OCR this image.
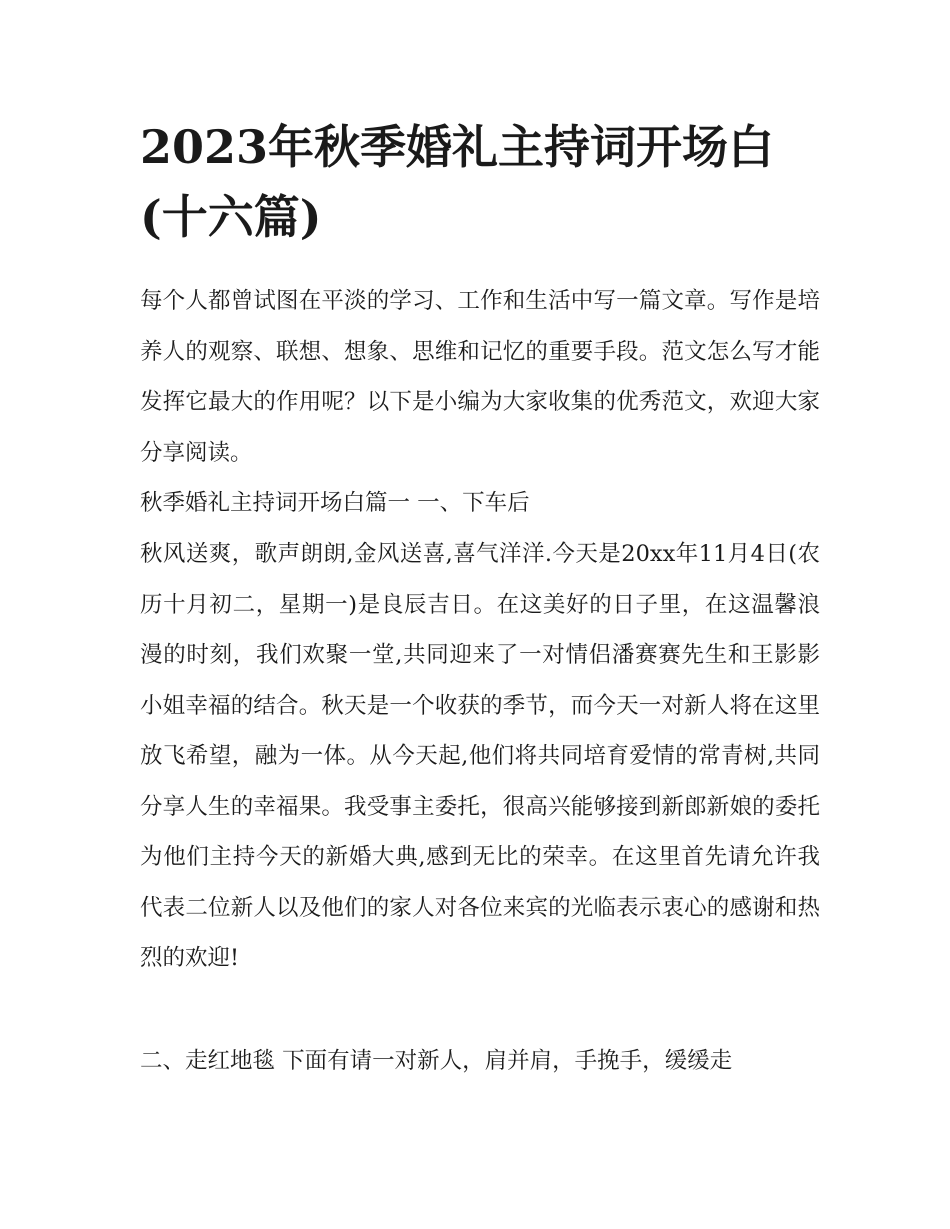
2023年秋季婚礼主持词开场白(十六篇)

每个人都曾试图在平淡的学习、工作和生活中写一篇文章。写作是培养人的观察、联想、想象、思维和记忆的重要手段。范文怎么写才能发挥它最大的作用呢？以下是小编为大家收集的优秀范文，欢迎大家分享阅读。

秋季婚礼主持词开场白篇一 一、下车后

秋风送爽，歌声朗朗,金风送喜,喜气洋洋.今天是20xx年11月4日(农历十月初二，星期一)是良辰吉日。在这美好的日子里，在这温馨浪漫的时刻，我们欢聚一堂,共同迎来了一对情侣潘赛赛先生和王影影小姐幸福的结合。秋天是一个收获的季节，而今天一对新人将在这里放飞希望，融为一体。从今天起,他们将共同培育爱情的常青树,共同分享人生的幸福果。我受事主委托，很高兴能够接到新郎新娘的委托为他们主持今天的新婚大典,感到无比的荣幸。在这里首先请允许我代表二位新人以及他们的家人对各位来宾的光临表示衷心的感谢和热烈的欢迎!

二、走红地毯 下面有请一对新人，肩并肩，手挽手，缓缓走
